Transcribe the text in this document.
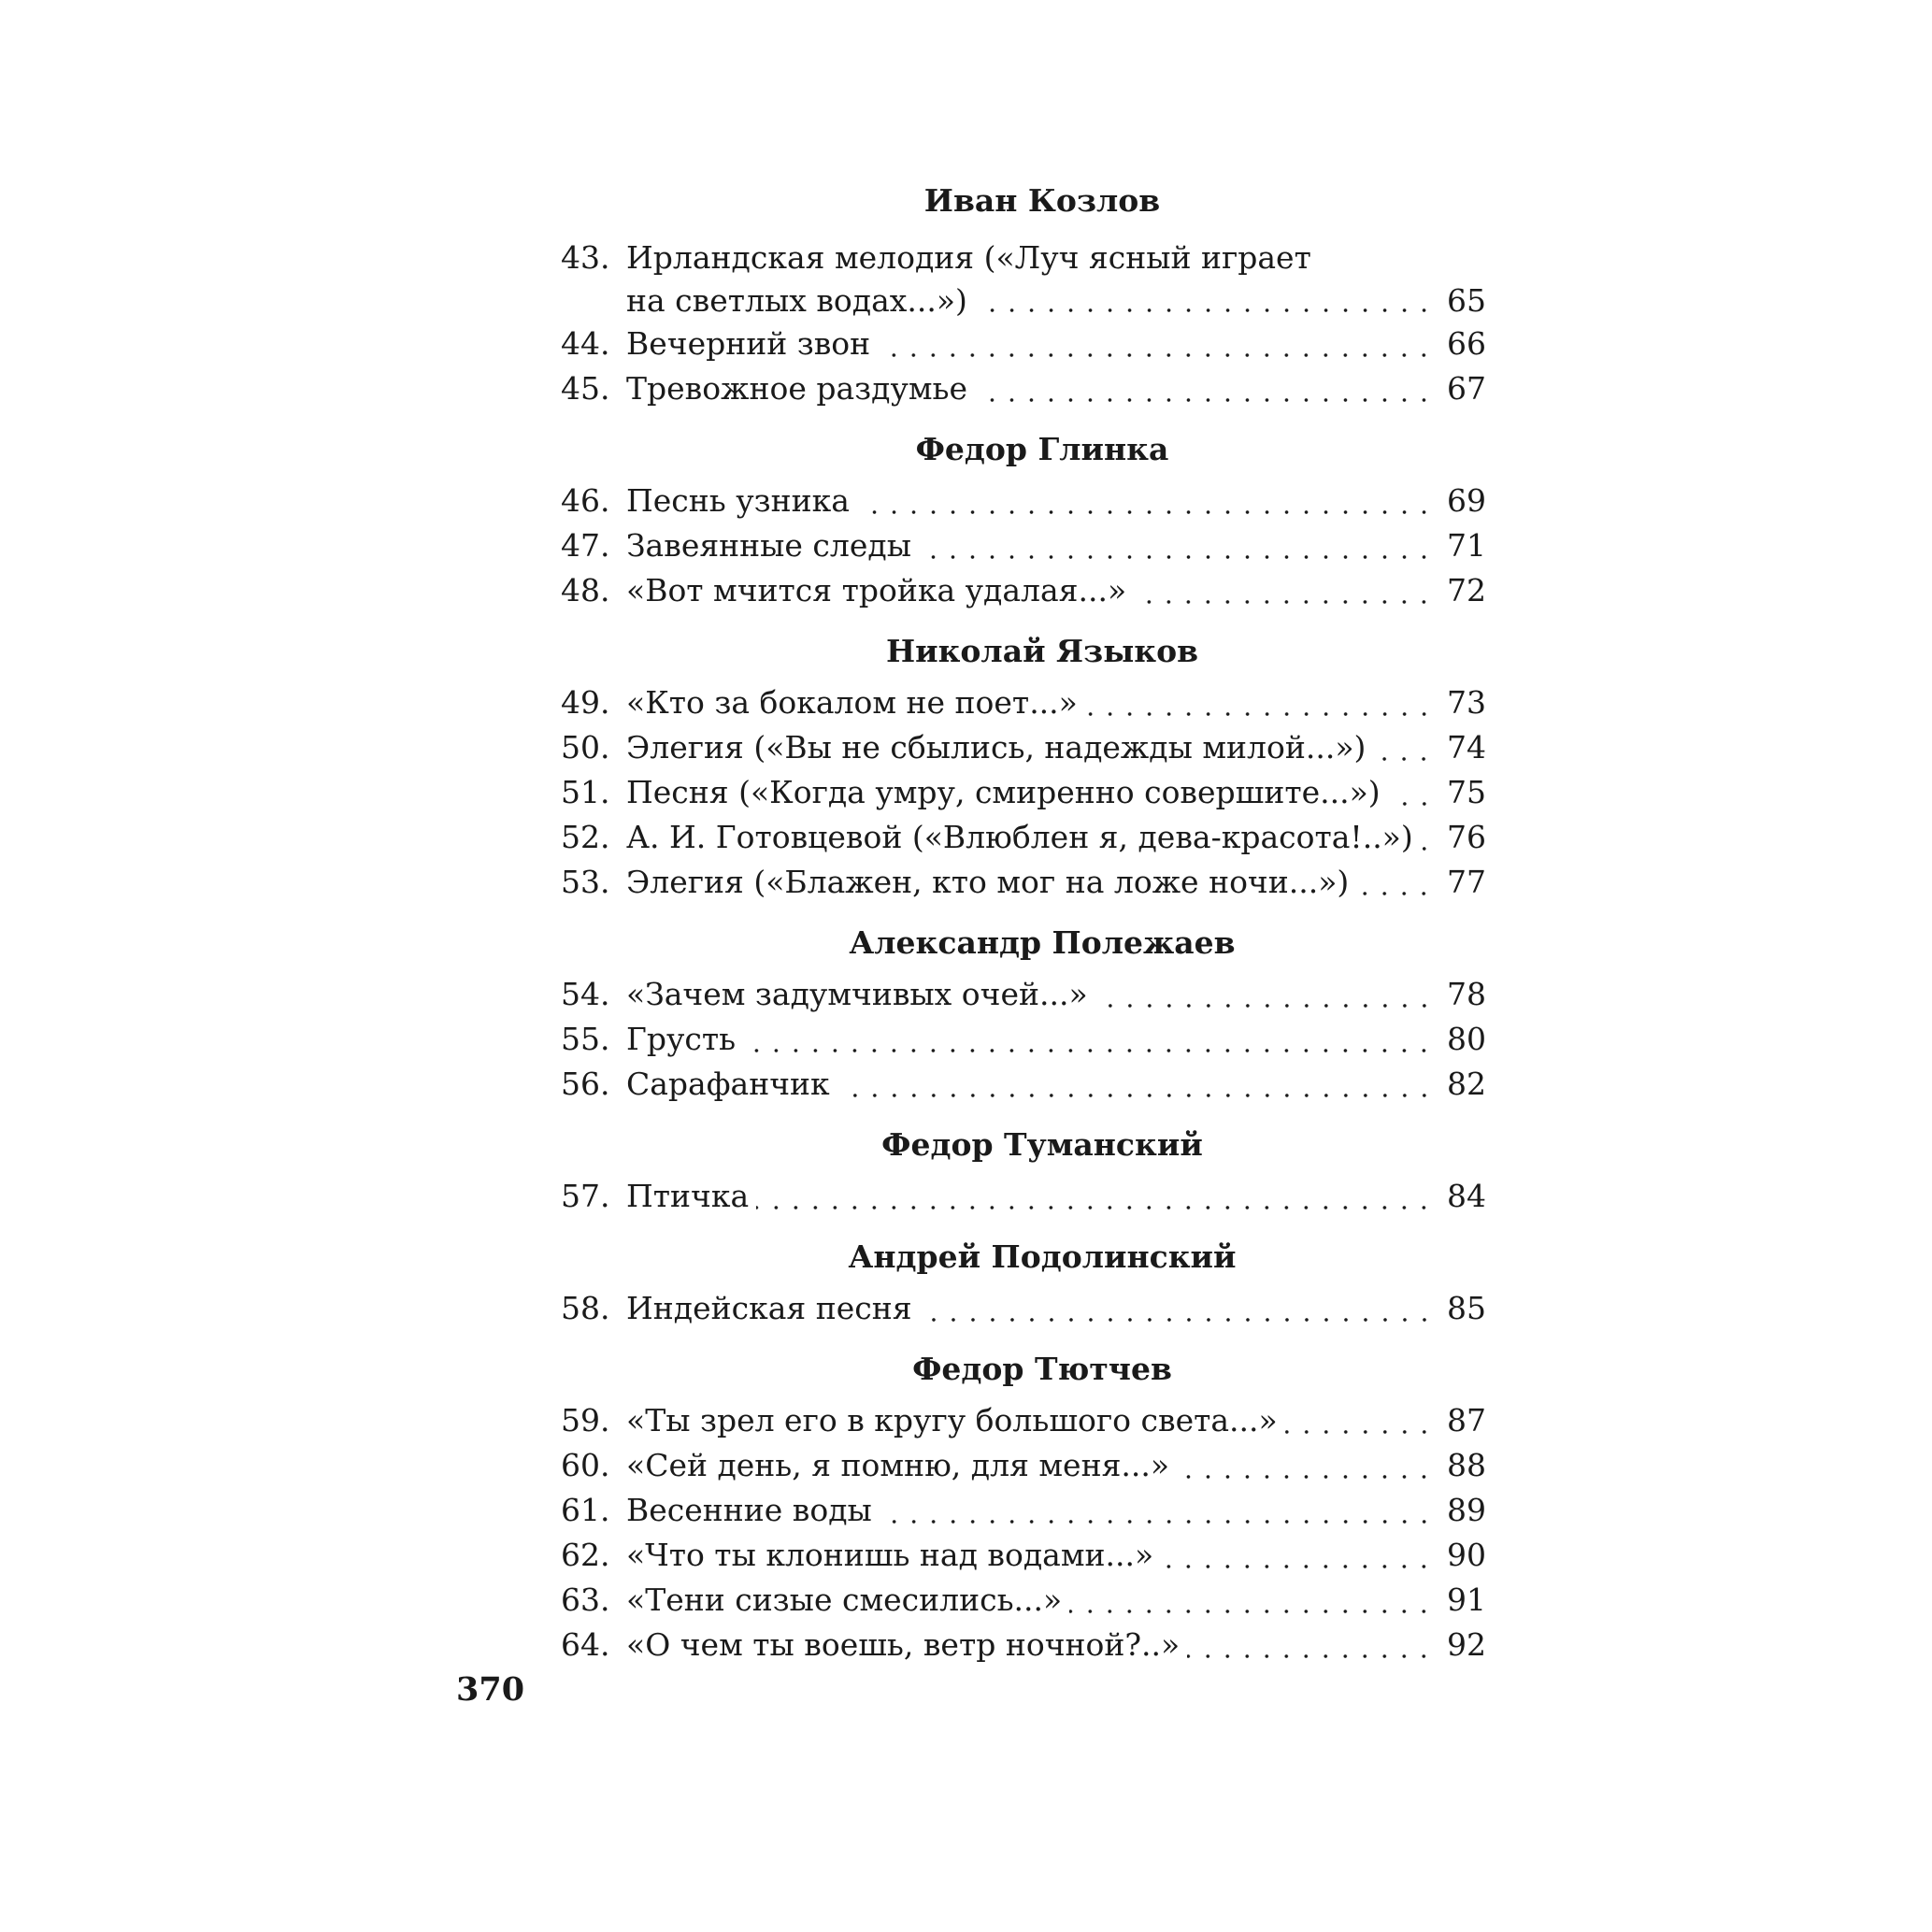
Иван Козлов
43. Ирландская мелодия («Луч ясный играет
на светлых водах...»)	65
44. Вечерний звон	66
45. Тревожное раздумье	67
Федор Глинка
46. Песнь узника	69
47. Завеянные следы	71
48. «Вот мчится тройка удалая...»	72
Николай Языков
49. «Кто за бокалом не поет...»	73
50. Элегия («Вы не сбылись, надежды милой...»)	74
51. Песня («Когда умру, смиренно совершите...») 75
52. А. И. Готовцевой («Влюблен я, дева-красота!..») 76
53. Элегия («Блажен, кто мог на ложе ночи...»)	77
Александр Полежаев
54. «Зачем задумчивых очей...»	78
55. Грусть	80
56. Сарафанчик	82
Федор Туманский
57. Птичка	84
Андрей Подолинский
58. Индейская песня	85
Федор Тютчев
59. «Ты зрел его в кругу большого света...»	87
60. «Сей день, я помню, для меня...»	88
61. Весенние воды	89
62. «Что ты клонишь над водами...»	90
63. «Тени сизые смесились...»	91
64. «О чем ты воешь, ветр ночной?..»	92
370
